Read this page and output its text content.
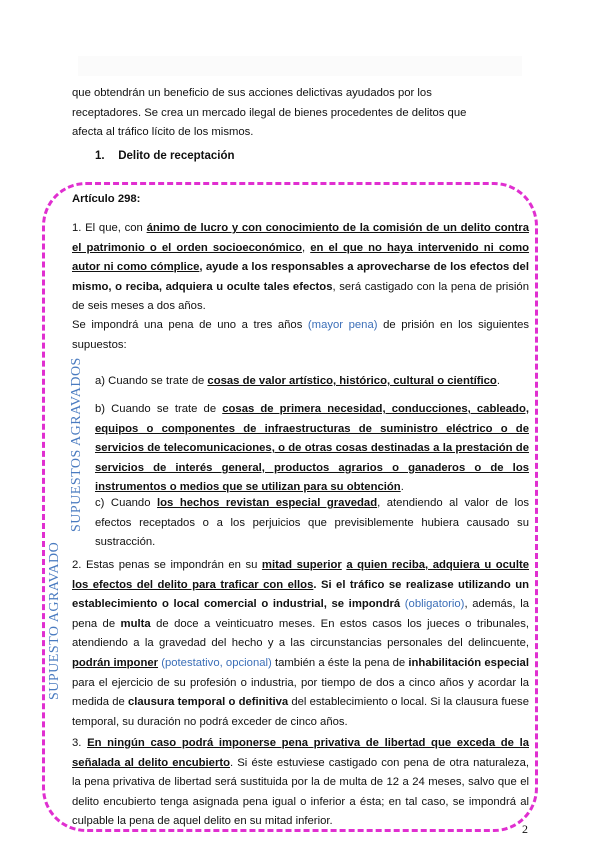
que obtendrán un beneficio de sus acciones delictivas ayudados por los
receptadores. Se crea un mercado ilegal de bienes procedentes de delitos que
afecta al tráfico lícito de los mismos.

1. Delito de receptación
Artículo 298:

1. El que, con ánimo de lucro y con conocimiento de la comisión de un delito contra el patrimonio o el orden socioeconómico, en el que no haya intervenido ni como autor ni como cómplice, ayude a los responsables a aprovecharse de los efectos del mismo, o reciba, adquiera u oculte tales efectos, será castigado con la pena de prisión de seis meses a dos años.

Se impondrá una pena de uno a tres años (mayor pena) de prisión en los siguientes supuestos:

a) Cuando se trate de cosas de valor artístico, histórico, cultural o científico.

b) Cuando se trate de cosas de primera necesidad, conducciones, cableado, equipos o componentes de infraestructuras de suministro eléctrico o de servicios de telecomunicaciones, o de otras cosas destinadas a la prestación de servicios de interés general, productos agrarios o ganaderos o de los instrumentos o medios que se utilizan para su obtención.

c) Cuando los hechos revistan especial gravedad, atendiendo al valor de los efectos receptados o a los perjuicios que previsiblemente hubiera causado su sustracción.

2. Estas penas se impondrán en su mitad superior a quien reciba, adquiera u oculte los efectos del delito para traficar con ellos. Si el tráfico se realizase utilizando un establecimiento o local comercial o industrial, se impondrá (obligatorio), además, la pena de multa de doce a veinticuatro meses. En estos casos los jueces o tribunales, atendiendo a la gravedad del hecho y a las circunstancias personales del delincuente, podrán imponer (potestativo, opcional) también a éste la pena de inhabilitación especial para el ejercicio de su profesión o industria, por tiempo de dos a cinco años y acordar la medida de clausura temporal o definitiva del establecimiento o local. Si la clausura fuese temporal, su duración no podrá exceder de cinco años.

3. En ningún caso podrá imponerse pena privativa de libertad que exceda de la señalada al delito encubierto. Si éste estuviese castigado con pena de otra naturaleza, la pena privativa de libertad será sustituida por la de multa de 12 a 24 meses, salvo que el delito encubierto tenga asignada pena igual o inferior a ésta; en tal caso, se impondrá al culpable la pena de aquel delito en su mitad inferior.

SUPUESTOS AGRAVADOS
SUPUESTO AGRAVADO
2
